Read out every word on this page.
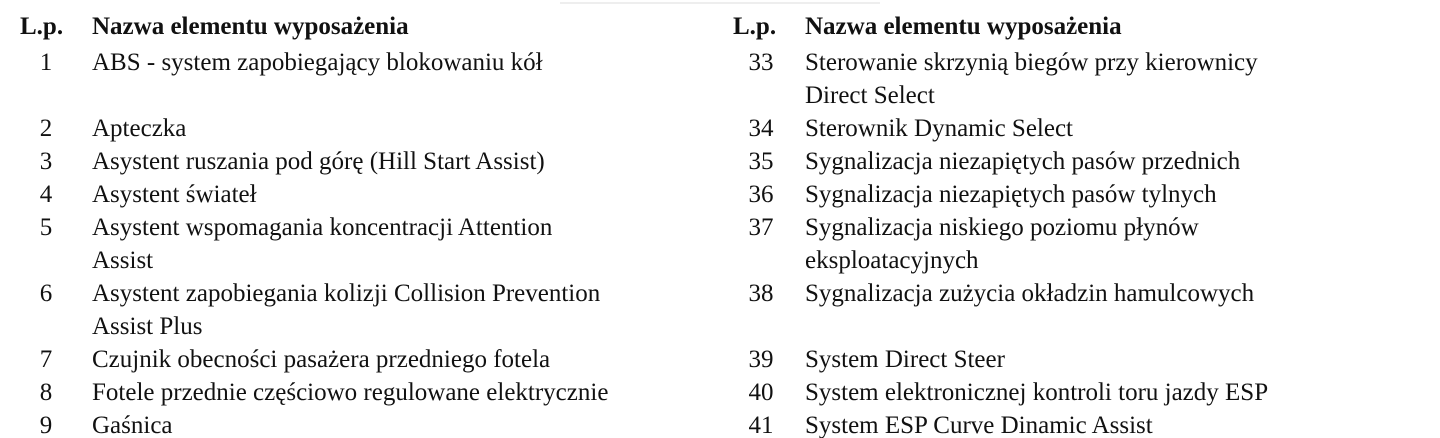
L.p.	Nazwa elementu wyposażenia
1	ABS - system zapobiegający blokowaniu kół
2	Apteczka
3	Asystent ruszania pod górę (Hill Start Assist)
4	Asystent świateł
5	Asystent wspomagania koncentracji Attention
Assist
6	Asystent zapobiegania kolizji Collision Prevention
Assist Plus
7	Czujnik obecności pasażera przedniego fotela
8	Fotele przednie częściowo regulowane elektrycznie
9	Gaśnica
L.p.	Nazwa elementu wyposażenia
33	Sterowanie skrzynią biegów przy kierownicy
Direct Select
34	Sterownik Dynamic Select
35	Sygnalizacja niezapiętych pasów przednich
36	Sygnalizacja niezapiętych pasów tylnych
37	Sygnalizacja niskiego poziomu płynów
eksploatacyjnych
38	Sygnalizacja zużycia okładzin hamulcowych
39	System Direct Steer
40	System elektronicznej kontroli toru jazdy ESP
41	System ESP Curve Dinamic Assist
